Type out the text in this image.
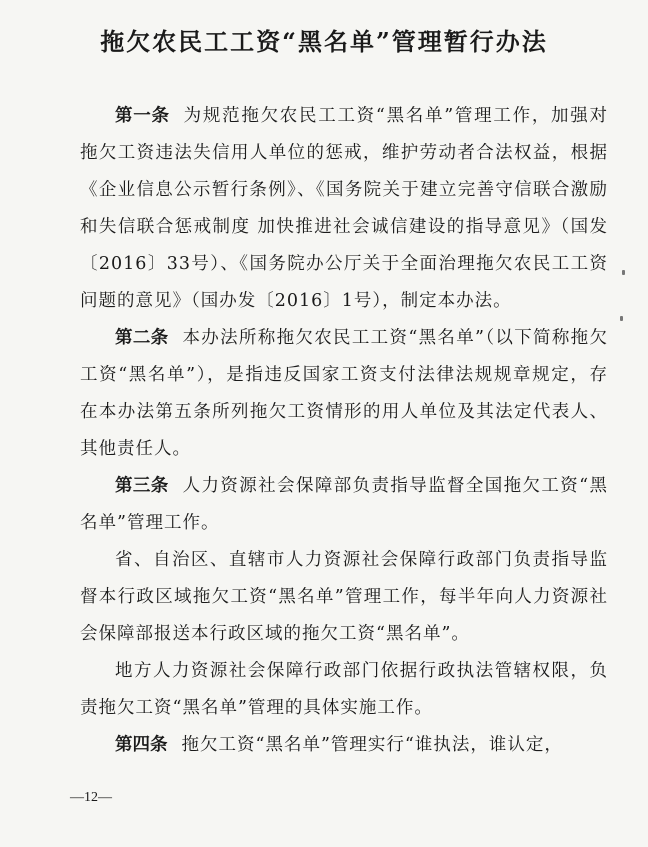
拖欠农民工工资“黑名单”管理暂行办法

第一条 为规范拖欠农民工工资“黑名单”管理工作，加强对拖欠工资违法失信用人单位的惩戒，维护劳动者合法权益，根据《企业信息公示暂行条例》、《国务院关于建立完善守信联合激励和失信联合惩戒制度 加快推进社会诚信建设的指导意见》（国发〔2016〕33号）、《国务院办公厅关于全面治理拖欠农民工工资问题的意见》（国办发〔2016〕1号），制定本办法。

第二条 本办法所称拖欠农民工工资“黑名单”（以下简称拖欠工资“黑名单”），是指违反国家工资支付法律法规规章规定，存在本办法第五条所列拖欠工资情形的用人单位及其法定代表人、其他责任人。

第三条 人力资源社会保障部负责指导监督全国拖欠工资“黑名单”管理工作。

省、自治区、直辖市人力资源社会保障行政部门负责指导监督本行政区域拖欠工资“黑名单”管理工作，每半年向人力资源社会保障部报送本行政区域的拖欠工资“黑名单”。

地方人力资源社会保障行政部门依据行政执法管辖权限，负责拖欠工资“黑名单”管理的具体实施工作。

第四条 拖欠工资“黑名单”管理实行“谁执法，谁认定，

—12—
